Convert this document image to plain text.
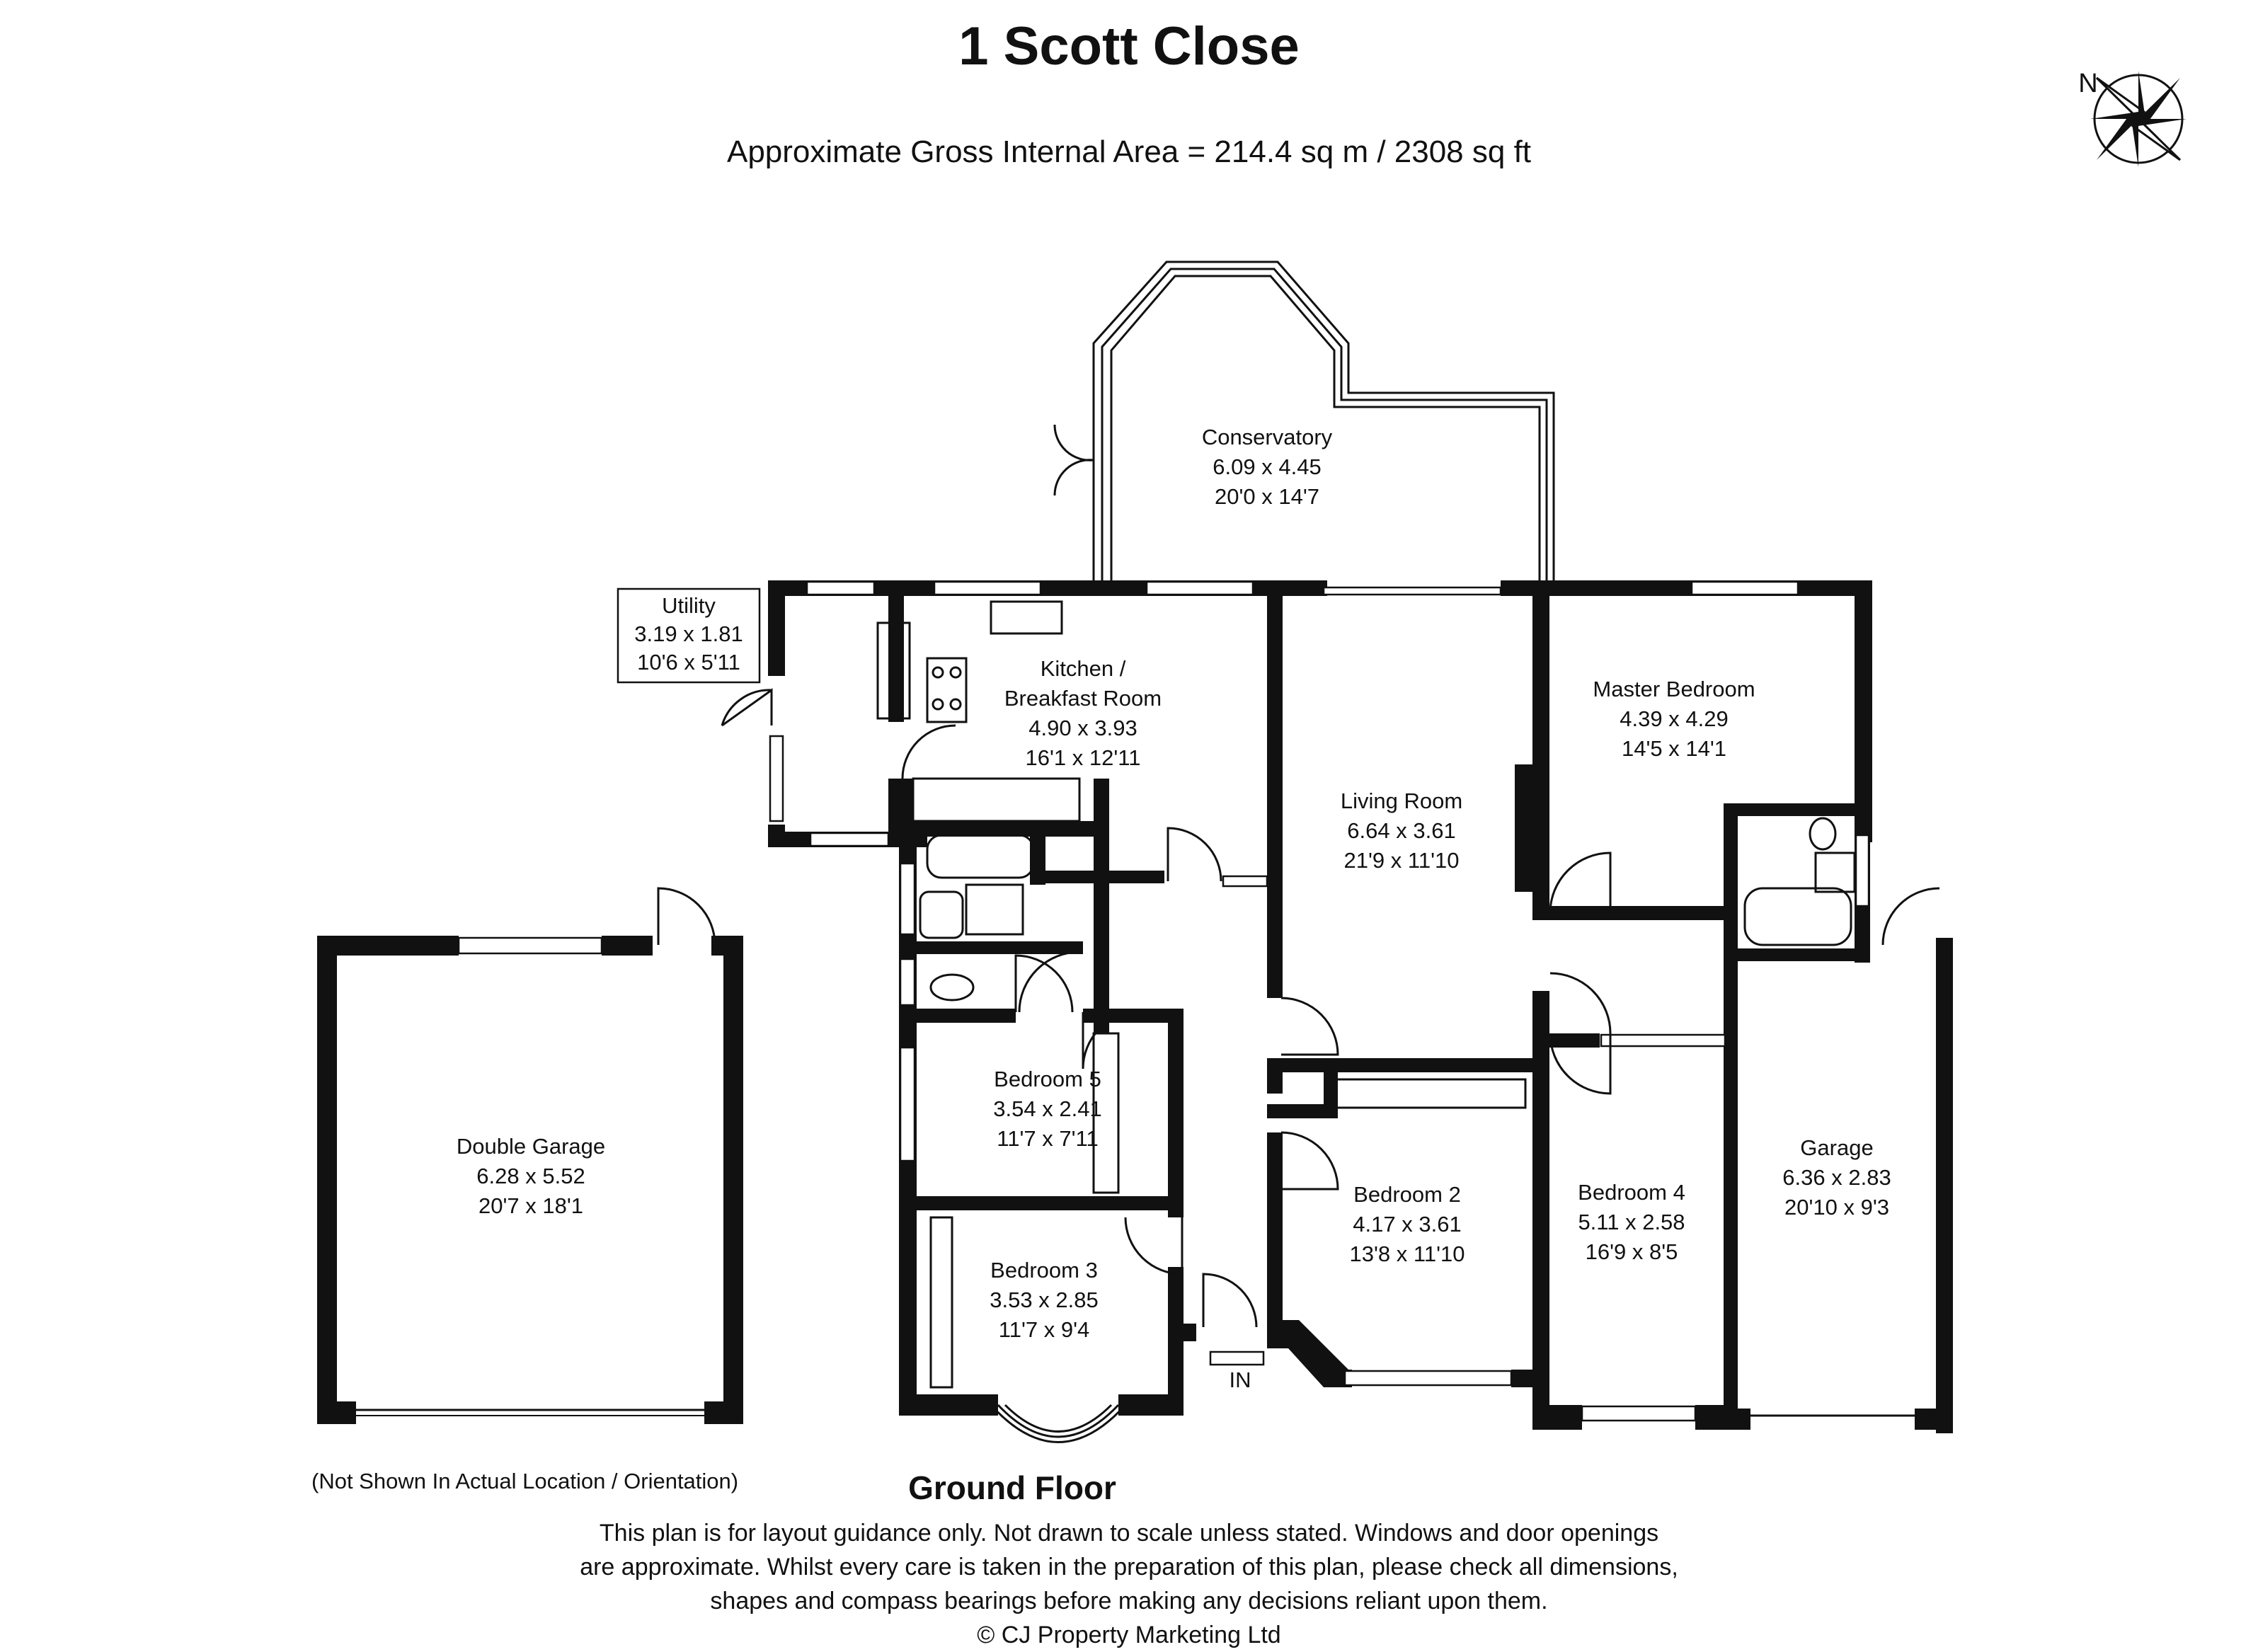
1 Scott Close
Approximate Gross Internal Area = 214.4 sq m / 2308 sq ft
N
Conservatory
6.09 x 4.45
20'0 x 14'7
Utility
3.19 x 1.81
10'6 x 5'11	Kitchen /
Breakfast Room
4.90 x 3.93
16'1 x 12'11
Living Room
6.64 x 3.61
21'9 x 11'10
Master Bedroom
4.39 x 4.29
14'5 x 14'1
Bedroom 5
3.54 x 2.41
11'7 x 7'11
Bedroom 3
3.53 x 2.85
11'7 x 9'4
Bedroom 2
4.17 x 3.61
13'8 x 11'10
Bedroom 4
5.11 x 2.58
16'9 x 8'5
Garage
6.36 x 2.83
20'10 x 9'3
Double Garage
6.28 x 5.52
20'7 x 18'1
IN
Ground Floor
(Not Shown In Actual Location / Orientation)
This plan is for layout guidance only. Not drawn to scale unless stated. Windows and door openings
are approximate. Whilst every care is taken in the preparation of this plan, please check all dimensions,
shapes and compass bearings before making any decisions reliant upon them.
© CJ Property Marketing Ltd
